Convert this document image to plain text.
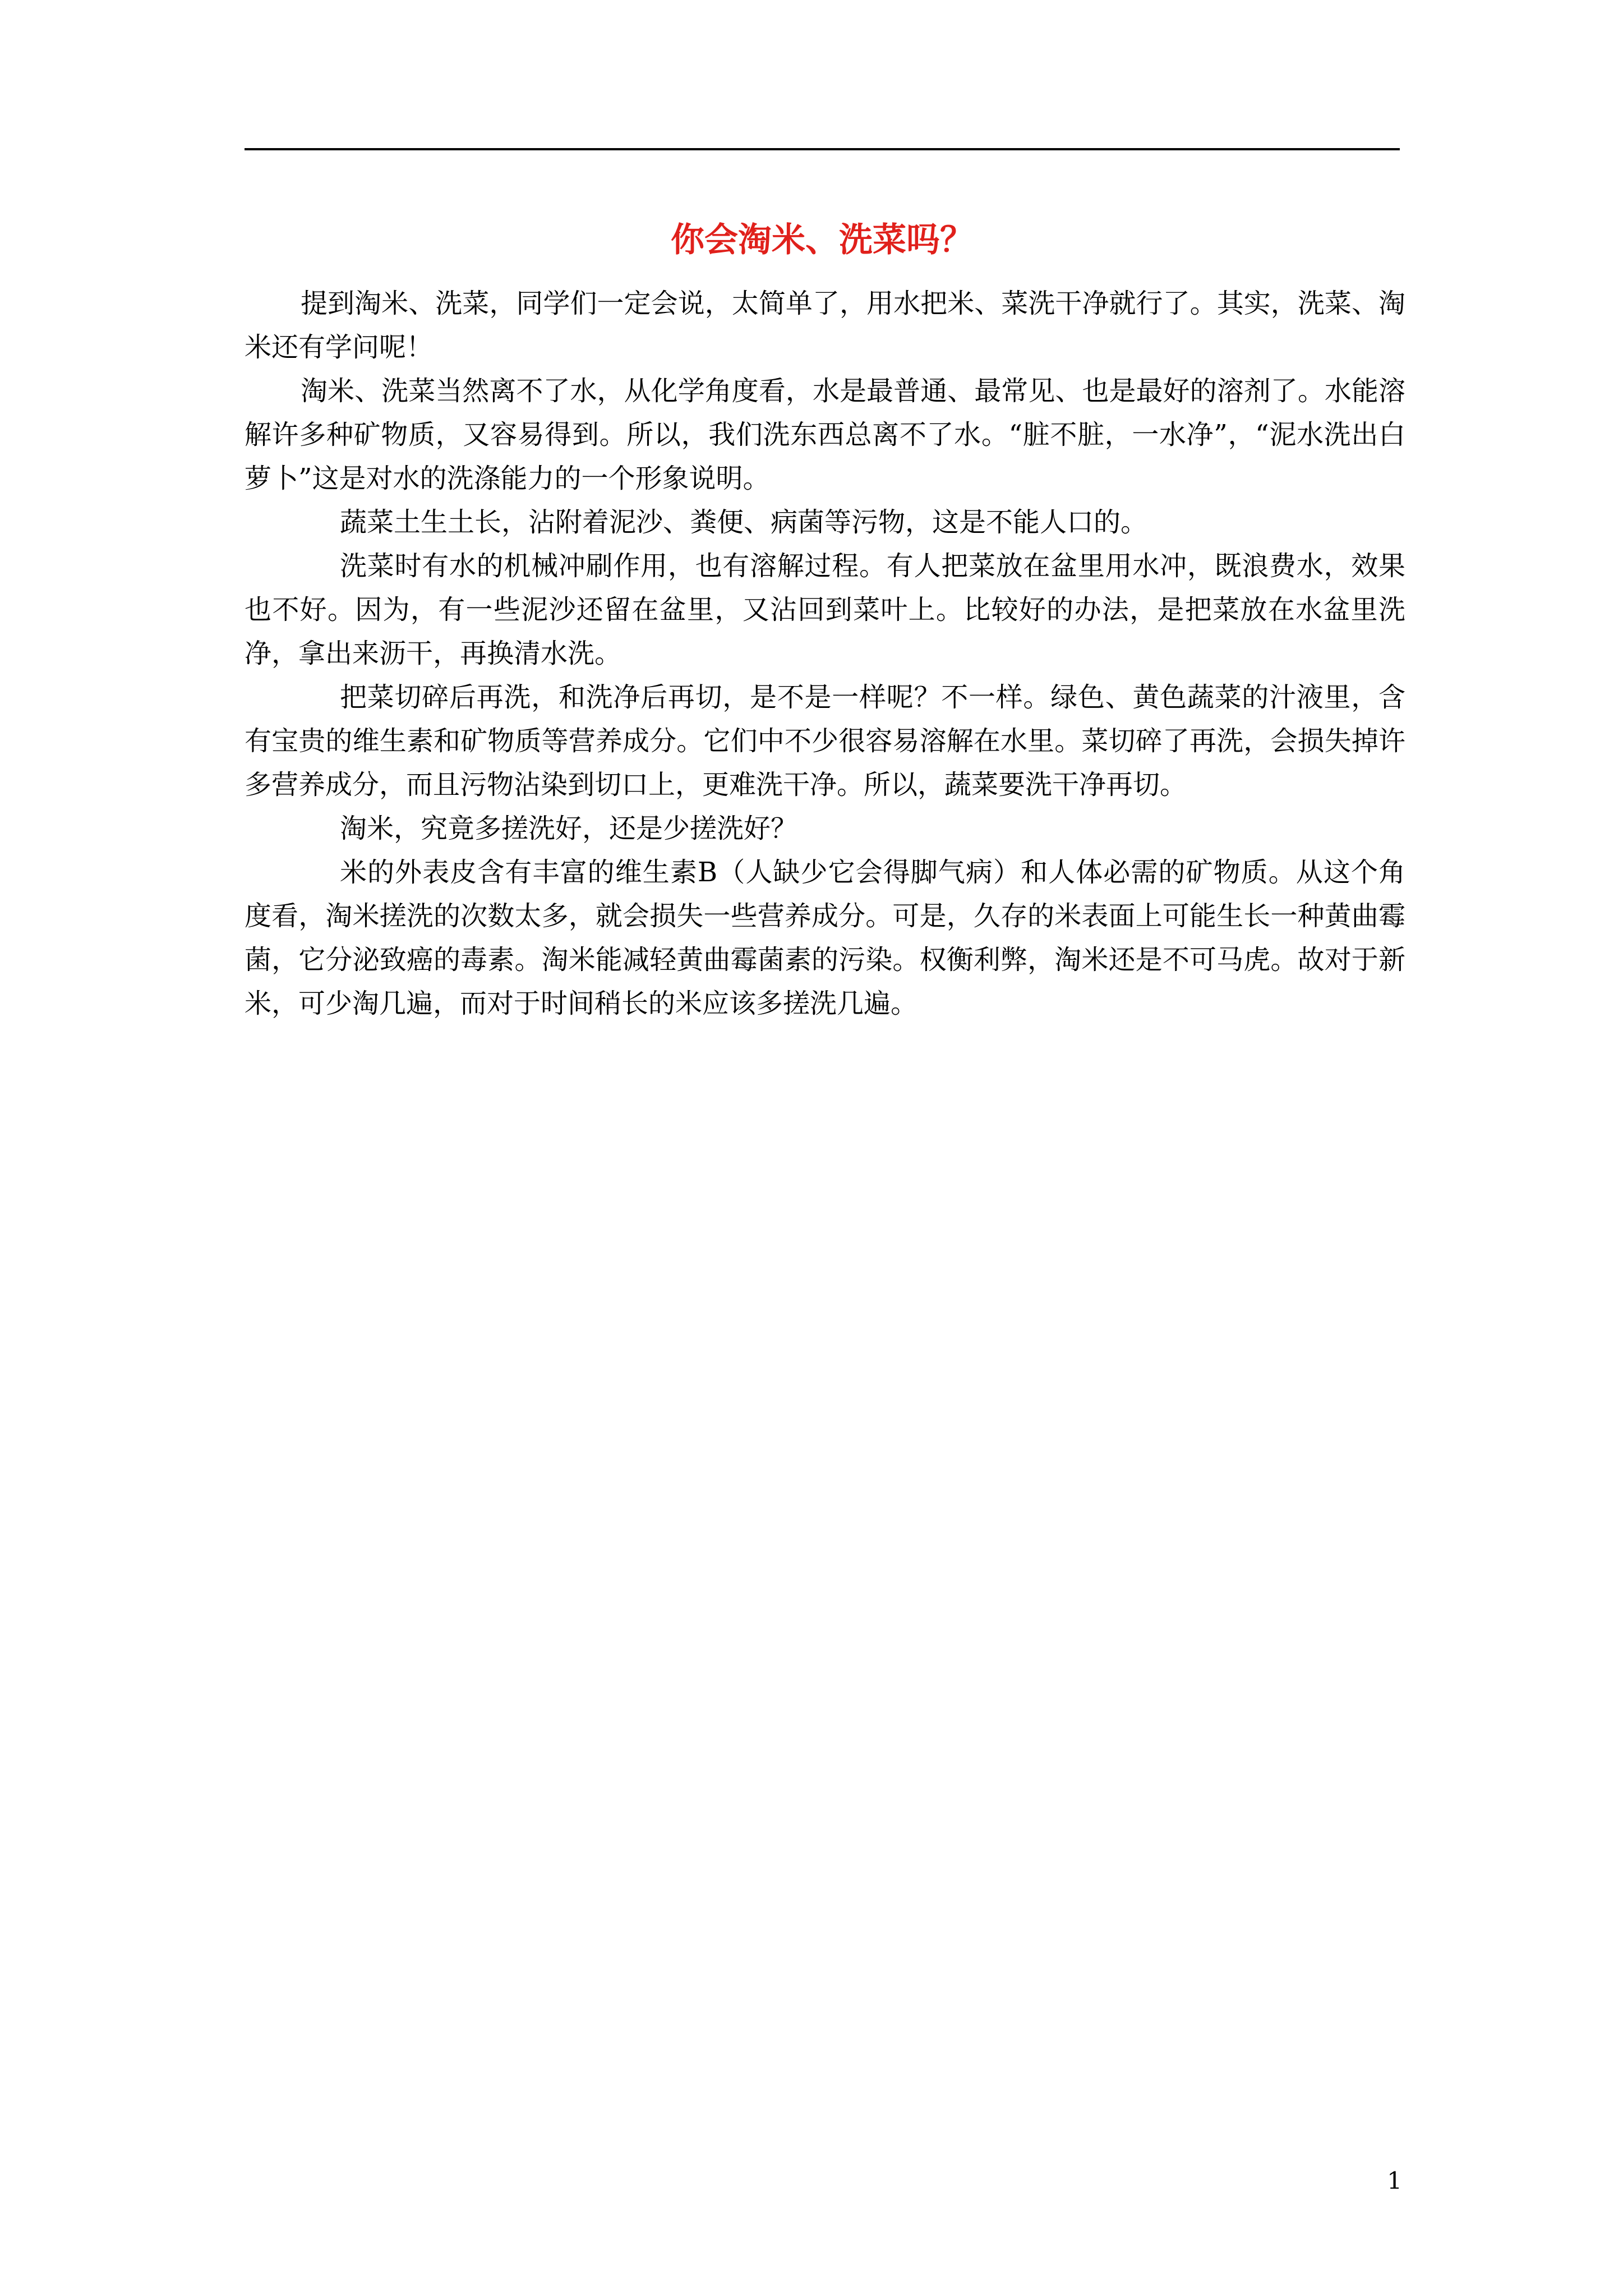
你会淘米、洗菜吗？

提到淘米、洗菜，同学们一定会说，太简单了，用水把米、菜洗干净就行了。其实，洗菜、淘米还有学问呢！

淘米、洗菜当然离不了水，从化学角度看，水是最普通、最常见、也是最好的溶剂了。水能溶解许多种矿物质，又容易得到。所以，我们洗东西总离不了水。“脏不脏，一水净”，“泥水洗出白萝卜”这是对水的洗涤能力的一个形象说明。

蔬菜土生土长，沾附着泥沙、粪便、病菌等污物，这是不能人口的。

洗菜时有水的机械冲刷作用，也有溶解过程。有人把菜放在盆里用水冲，既浪费水，效果也不好。因为，有一些泥沙还留在盆里，又沾回到菜叶上。比较好的办法，是把菜放在水盆里洗净，拿出来沥干，再换清水洗。

把菜切碎后再洗，和洗净后再切，是不是一样呢？不一样。绿色、黄色蔬菜的汁液里，含有宝贵的维生素和矿物质等营养成分。它们中不少很容易溶解在水里。菜切碎了再洗，会损失掉许多营养成分，而且污物沾染到切口上，更难洗干净。所以，蔬菜要洗干净再切。

淘米，究竟多搓洗好，还是少搓洗好？

米的外表皮含有丰富的维生素B（人缺少它会得脚气病）和人体必需的矿物质。从这个角度看，淘米搓洗的次数太多，就会损失一些营养成分。可是，久存的米表面上可能生长一种黄曲霉菌，它分泌致癌的毒素。淘米能减轻黄曲霉菌素的污染。权衡利弊，淘米还是不可马虎。故对于新米，可少淘几遍，而对于时间稍长的米应该多搓洗几遍。

1
